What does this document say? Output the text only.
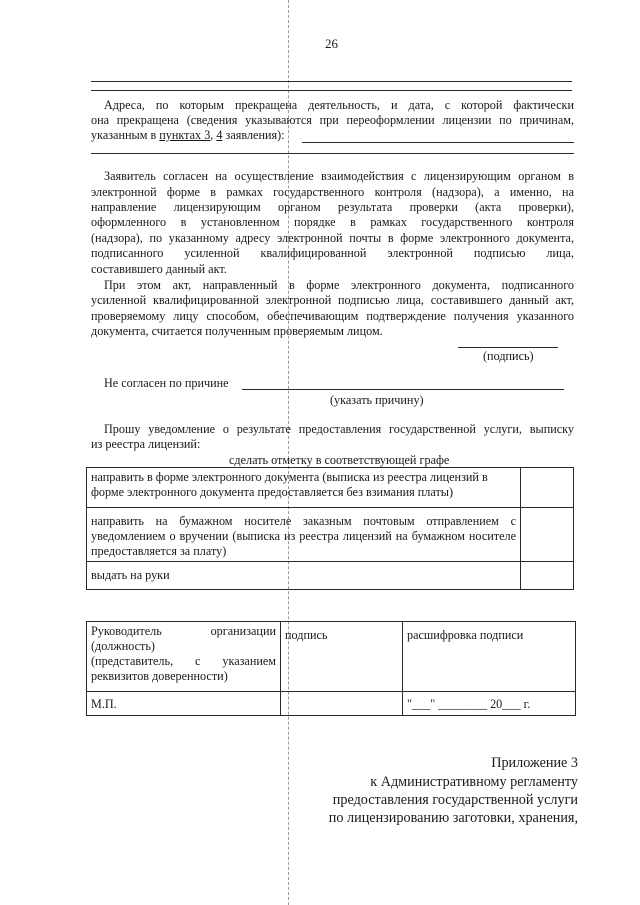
26
Адреса, по которым прекращена деятельность, и дата, с которой фактически
она прекращена (сведения указываются при переоформлении лицензии по причинам,
указанным в пунктах 3, 4 заявления):
Заявитель согласен на осуществление взаимодействия с лицензирующим органом в
электронной форме в рамках государственного контроля (надзора), а именно, на
направление лицензирующим органом результата проверки (акта проверки),
оформленного в установленном порядке в рамках государственного контроля
(надзора), по указанному адресу электронной почты в форме электронного документа,
подписанного усиленной квалифицированной электронной подписью лица,
составившего данный акт.
При этом акт, направленный в форме электронного документа, подписанного
усиленной квалифицированной электронной подписью лица, составившего данный акт,
проверяемому лицу способом, обеспечивающим подтверждение получения указанного
документа, считается полученным проверяемым лицом.
(подпись)
Не согласен по причине
(указать причину)
Прошу уведомление о результате предоставления государственной услуги, выписку
из реестра лицензий:
сделать отметку в соответствующей графе
направить в форме электронного документа (выписка из реестра лицензий в форме электронного документа предоставляется без взимания платы)	
направить на бумажном носителе заказным почтовым отправлением с уведомлением о вручении (выписка из реестра лицензий на бумажном носителе предоставляется за плату)	
выдать на руки	
Руководитель организации
(должность)
(представитель, с указанием реквизитов доверенности)	подпись	расшифровка подписи
М.П.		"___" ________ 20___ г.
Приложение 3
к Административному регламенту
предоставления государственной услуги
по лицензированию заготовки, хранения,
